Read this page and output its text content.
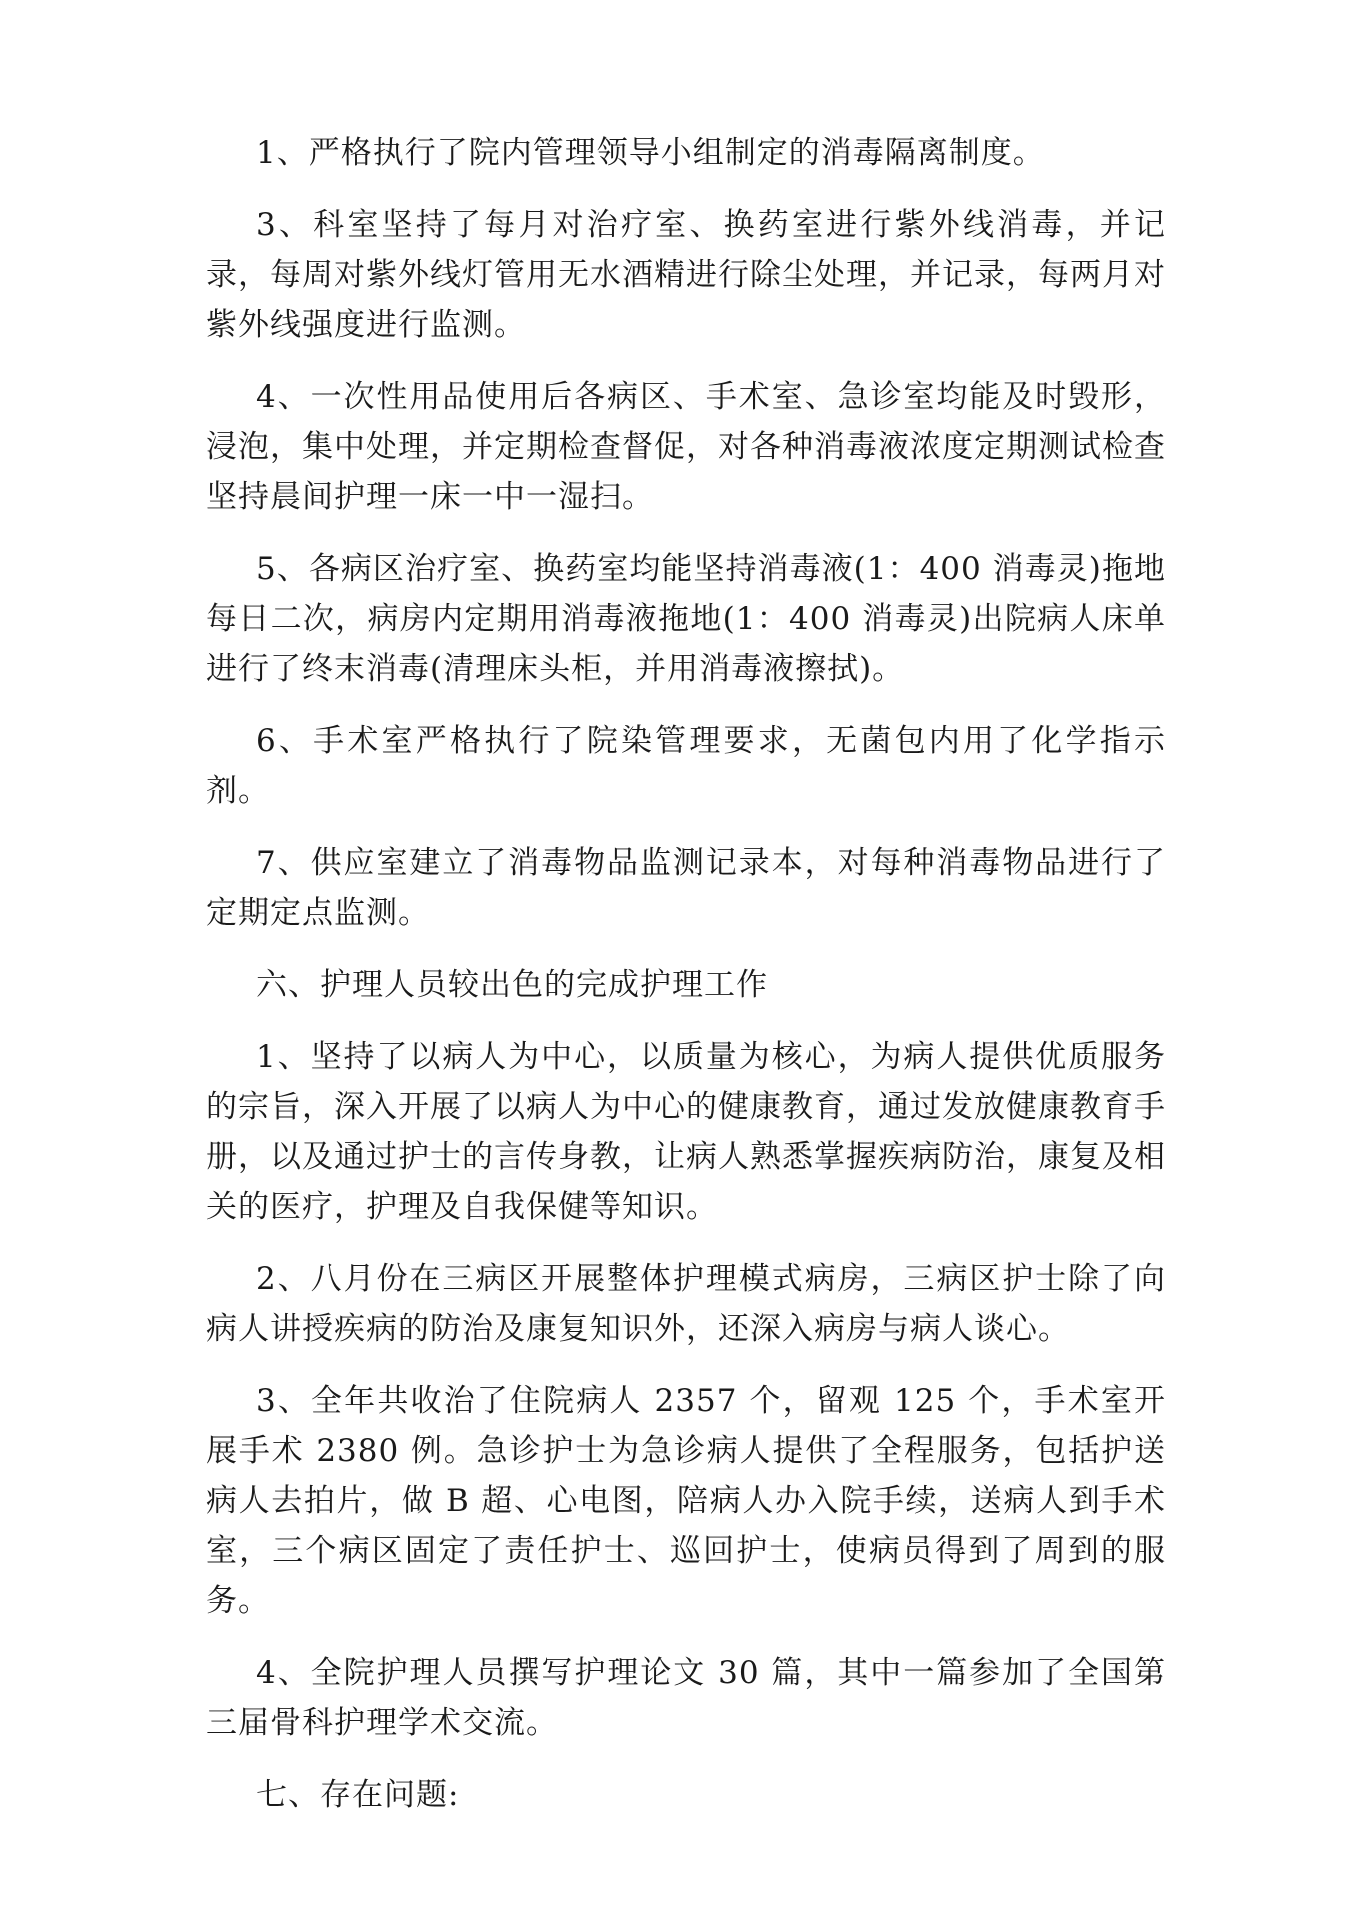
1、严格执行了院内管理领导小组制定的消毒隔离制度。

3、科室坚持了每月对治疗室、换药室进行紫外线消毒，并记录，每周对紫外线灯管用无水酒精进行除尘处理，并记录，每两月对紫外线强度进行监测。

4、一次性用品使用后各病区、手术室、急诊室均能及时毁形，浸泡，集中处理，并定期检查督促，对各种消毒液浓度定期测试检查坚持晨间护理一床一中一湿扫。

5、各病区治疗室、换药室均能坚持消毒液(1：400 消毒灵)拖地每日二次，病房内定期用消毒液拖地(1：400 消毒灵)出院病人床单进行了终末消毒(清理床头柜，并用消毒液擦拭)。

6、手术室严格执行了院染管理要求，无菌包内用了化学指示剂。

7、供应室建立了消毒物品监测记录本，对每种消毒物品进行了定期定点监测。

六、护理人员较出色的完成护理工作

1、坚持了以病人为中心，以质量为核心，为病人提供优质服务的宗旨，深入开展了以病人为中心的健康教育，通过发放健康教育手册，以及通过护士的言传身教，让病人熟悉掌握疾病防治，康复及相关的医疗，护理及自我保健等知识。

2、八月份在三病区开展整体护理模式病房，三病区护士除了向病人讲授疾病的防治及康复知识外，还深入病房与病人谈心。

3、全年共收治了住院病人 2357 个，留观 125 个，手术室开展手术 2380 例。急诊护士为急诊病人提供了全程服务，包括护送病人去拍片，做 B 超、心电图，陪病人办入院手续，送病人到手术室，三个病区固定了责任护士、巡回护士，使病员得到了周到的服务。

4、全院护理人员撰写护理论文 30 篇，其中一篇参加了全国第三届骨科护理学术交流。

七、存在问题:
